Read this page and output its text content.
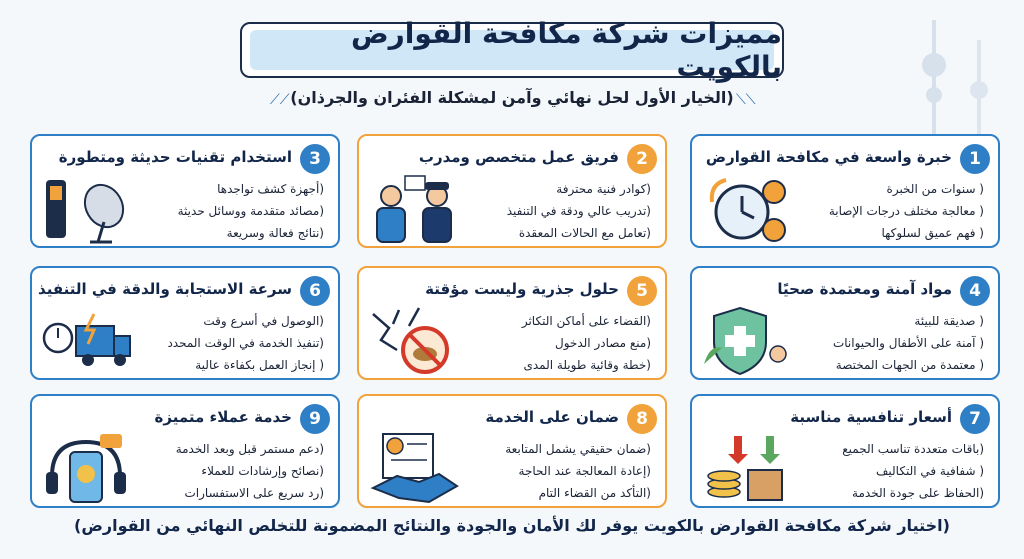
مميزات شركة مكافحة القوارض بالكويت
⟋⟋ (الخيار الأول لحل نهائي وآمن لمشكلة الفئران والجرذان) ⟍⟍
1
خبرة واسعة في مكافحة القوارض
( سنوات من الخبرة
( معالجة مختلف درجات الإصابة
( فهم عميق لسلوكها
2
فريق عمل متخصص ومدرب
(كوادر فنية محترفة
(تدريب عالي ودقة في التنفيذ
(تعامل مع الحالات المعقدة
3
استخدام تقنيات حديثة ومتطورة
(أجهزة كشف تواجدها
(مصائد متقدمة ووسائل حديثة
(نتائج فعالة وسريعة
4
مواد آمنة ومعتمدة صحيًا
( صديقة للبيئة
( آمنة على الأطفال والحيوانات
( معتمدة من الجهات المختصة
5
حلول جذرية وليست مؤقتة
(القضاء على أماكن التكاثر
(منع مصادر الدخول
(خطة وقائية طويلة المدى
6
سرعة الاستجابة والدقة في التنفيذ
(الوصول في أسرع وقت
(تنفيذ الخدمة في الوقت المحدد
( إنجاز العمل بكفاءة عالية
7
أسعار تنافسية مناسبة
(باقات متعددة تناسب الجميع
( شفافية في التكاليف
(الحفاظ على جودة الخدمة
8
ضمان على الخدمة
(ضمان حقيقي يشمل المتابعة
(إعادة المعالجة عند الحاجة
(التأكد من القضاء التام
9
خدمة عملاء متميزة
(دعم مستمر قبل وبعد الخدمة
(نصائح وإرشادات للعملاء
(رد سريع على الاستفسارات
(اختيار شركة مكافحة القوارض بالكويت يوفر لك الأمان والجودة والنتائج المضمونة للتخلص النهائي من القوارض)
